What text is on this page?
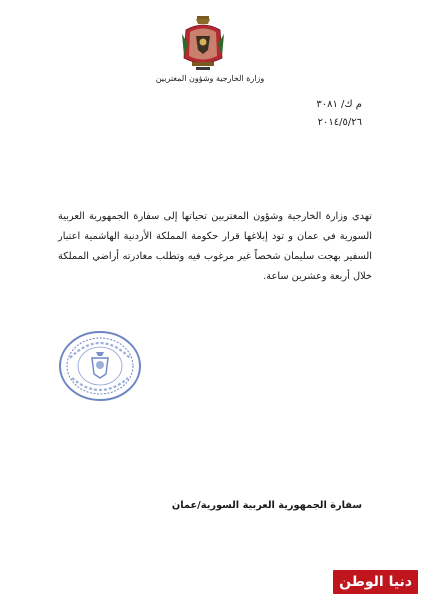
وزارة الخارجية وشؤون المغتربين
م ك/ ٣٠٨١
٢٠١٤/٥/٢٦

تهدي وزارة الخارجية وشؤون المغتربين تحياتها إلى سفارة الجمهورية العربية السورية في عمان و تود إبلاغها قرار حكومة المملكة الأردنية الهاشمية اعتبار السفير بهجت سليمان شخصاً غير مرغوب فيه وتطلب مغادرته أراضي المملكة خلال أربعة وعشرين ساعة.

سفارة الجمهورية العربية السورية/عمان
دنيا الوطن
